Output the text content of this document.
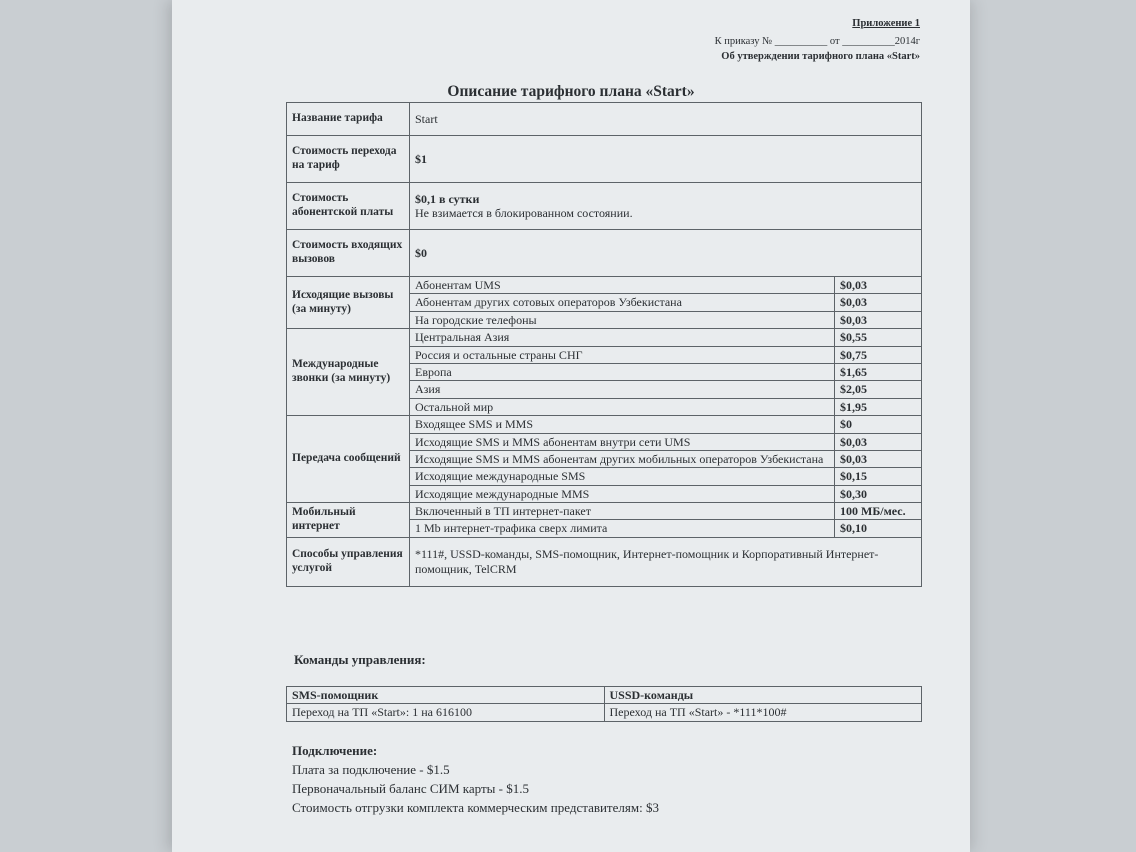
Приложение 1
К приказу № __________ от __________2014г
Об утверждении тарифного плана «Start»
Описание тарифного плана «Start»
Название тарифа	Start	
Стоимость перехода на тариф	$1	
Стоимость абонентской платы	$0,1 в сутки
Не взимается в блокированном состоянии.	

Стоимость входящих вызовов	$0	
Исходящие вызовы (за минуту)	Абонентам UMS	$0,03
	Абонентам других сотовых операторов Узбекистана	$0,03
	На городские телефоны	$0,03
Международные звонки (за минуту)	Центральная Азия	$0,55
	Россия и остальные страны СНГ	$0,75
	Европа	$1,65
	Азия	$2,05
	Остальной мир	$1,95
Передача сообщений	Входящее SMS и MMS	$0
	Исходящие SMS и MMS абонентам внутри сети UMS	$0,03
	Исходящие SMS и MMS абонентам других мобильных операторов Узбекистана	$0,03
	Исходящие международные SMS	$0,15
	Исходящие международные MMS	$0,30
Мобильный интернет	Включенный в ТП интернет-пакет	100 МБ/мес.
	1 Mb интернет-трафика сверх лимита	$0,10
Способы управления услугой	*111#, USSD-команды, SMS-помощник, Интернет-помощник и Корпоративный Интернет-помощник, TelCRM	
Команды управления:
SMS-помощник	USSD-команды
Переход на ТП «Start»: 1 на 616100	Переход на ТП «Start» - *111*100#
Подключение:
Плата за подключение - $1.5
Первоначальный баланс СИМ карты - $1.5
Стоимость отгрузки комплекта коммерческим представителям: $3
